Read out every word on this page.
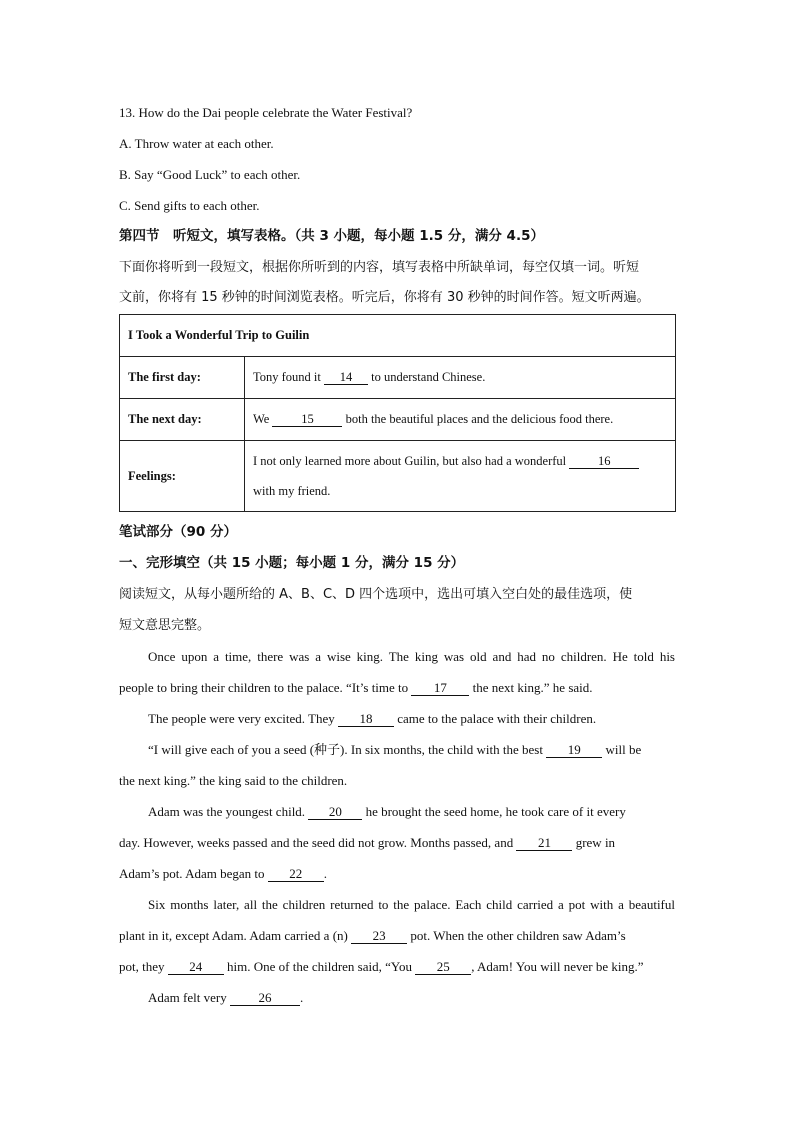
13. How do the Dai people celebrate the Water Festival?
A. Throw water at each other.
B. Say “Good Luck” to each other.
C. Send gifts to each other.
第四节　听短文，填写表格。（共 3 小题，每小题 1.5 分，满分 4.5）
下面你将听到一段短文，根据你所听到的内容，填写表格中所缺单词，每空仅填一词。听短
文前，你将有 15 秒钟的时间浏览表格。听完后，你将有 30 秒钟的时间作答。短文听两遍。
I Took a Wonderful Trip to Guilin	
The first day:	Tony found it 14 to understand Chinese.
The next day:	We 15 both the beautiful places and the delicious food there.
Feelings:	I not only learned more about Guilin, but also had a wonderful 16
with my friend.
笔试部分（90 分）
一、完形填空（共 15 小题；每小题 1 分，满分 15 分）
阅读短文，从每小题所给的 A、B、C、D 四个选项中，选出可填入空白处的最佳选项，使
短文意思完整。
Once upon a time, there was a wise king. The king was old and had no children. He told his
people to bring their children to the palace. “It’s time to 17 the next king.” he said.
The people were very excited. They 18 came to the palace with their children.
“I will give each of you a seed (种子). In six months, the child with the best 19 will be
the next king.” the king said to the children.
Adam was the youngest child. 20 he brought the seed home, he took care of it every
day. However, weeks passed and the seed did not grow. Months passed, and 21 grew in
Adam’s pot. Adam began to 22 .
Six months later, all the children returned to the palace. Each child carried a pot with a beautiful
plant in it, except Adam. Adam carried a (n) 23 pot. When the other children saw Adam’s
pot, they 24 him. One of the children said, “You 25 , Adam! You will never be king.”
Adam felt very 26 .
